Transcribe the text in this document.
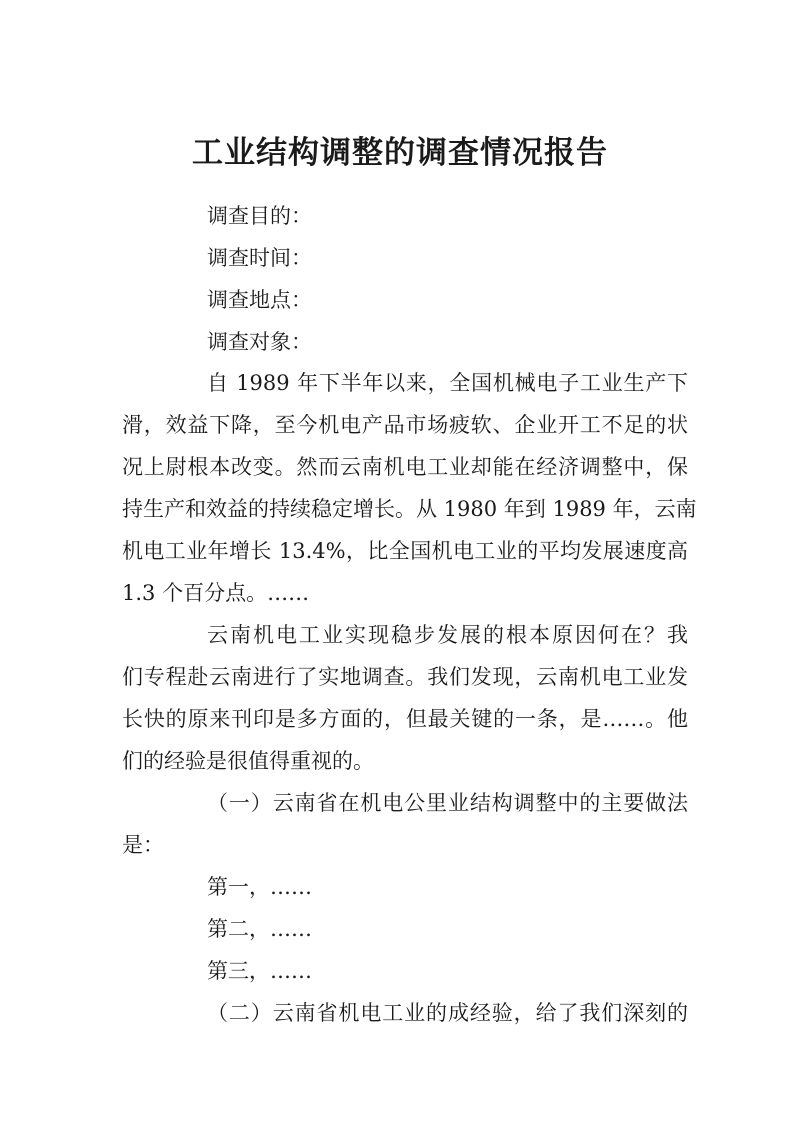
工业结构调整的调查情况报告
调查目的：
调查时间：
调查地点：
调查对象：
自 1989 年下半年以来，全国机械电子工业生产下
滑，效益下降，至今机电产品市场疲软、企业开工不足的状
况上尉根本改变。然而云南机电工业却能在经济调整中，保
持生产和效益的持续稳定增长。从 1980 年到 1989 年，云南
机电工业年增长 13.4%，比全国机电工业的平均发展速度高
1.3 个百分点。……
云南机电工业实现稳步发展的根本原因何在？我
们专程赴云南进行了实地调查。我们发现，云南机电工业发
长快的原来刊印是多方面的，但最关键的一条，是……。他
们的经验是很值得重视的。
（一）云南省在机电公里业结构调整中的主要做法
是：
第一，……
第二，……
第三，……
（二）云南省机电工业的成经验，给了我们深刻的
